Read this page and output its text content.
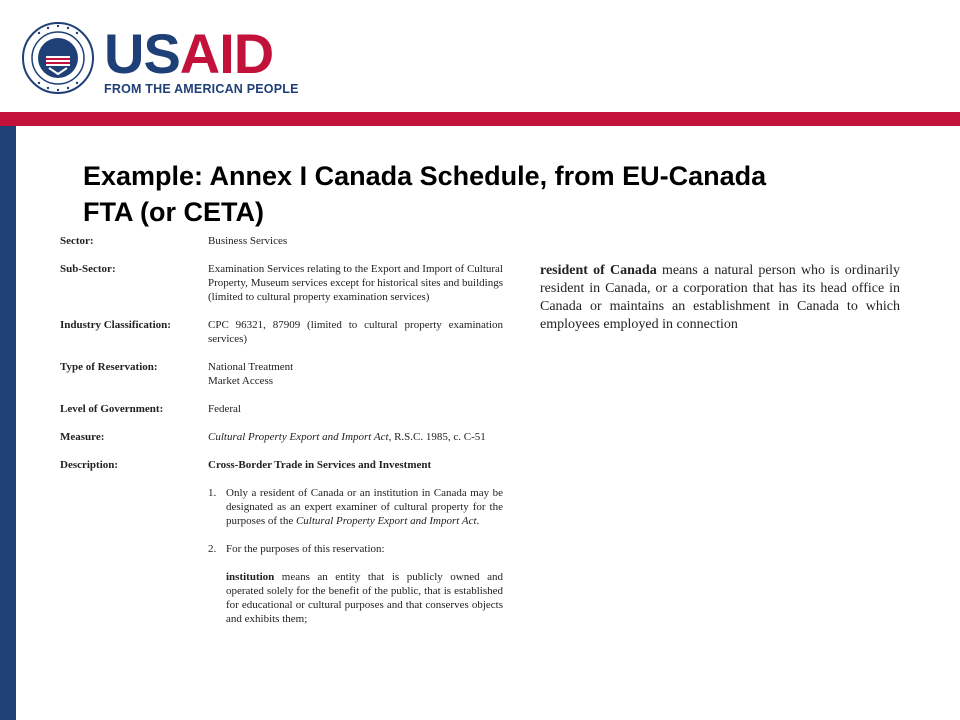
USAID
FROM THE AMERICAN PEOPLE
Example: Annex I Canada Schedule, from EU-Canada FTA (or CETA)
Sector:	Business Services
Sub-Sector:	Examination Services relating to the Export and Import of Cultural Property, Museum services except for historical sites and buildings (limited to cultural property examination services)
Industry Classification:	CPC 96321, 87909 (limited to cultural property examination services)
Type of Reservation:	National Treatment
Market Access
Level of Government:	Federal
Measure:	Cultural Property Export and Import Act, R.S.C. 1985, c. C-51
Description:	Cross-Border Trade in Services and Investment
1. Only a resident of Canada or an institution in Canada may be designated as an expert examiner of cultural property for the purposes of the Cultural Property Export and Import Act.
2. For the purposes of this reservation:
institution means an entity that is publicly owned and operated solely for the benefit of the public, that is established for educational or cultural purposes and that conserves objects and exhibits them;
resident of Canada means a natural person who is ordinarily resident in Canada, or a corporation that has its head office in Canada or maintains an establishment in Canada to which employees employed in connection
